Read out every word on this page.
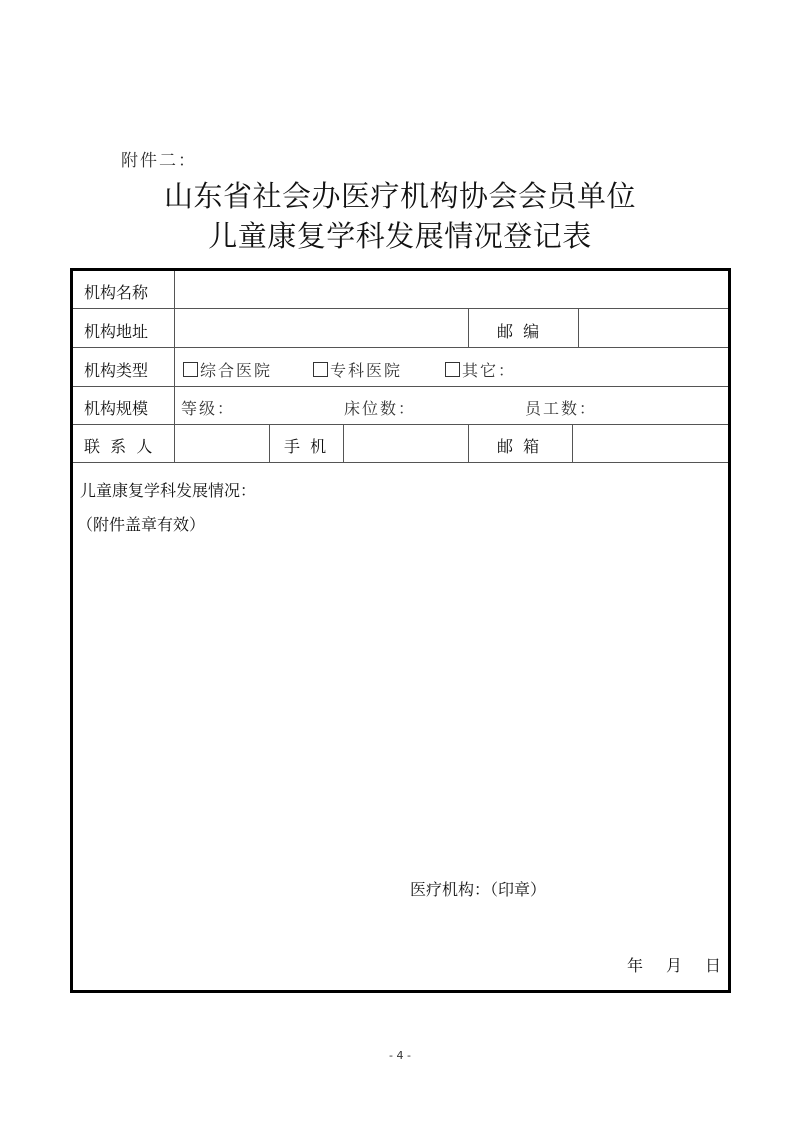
附件二：
山东省社会办医疗机构协会会员单位
儿童康复学科发展情况登记表
机构名称
机构地址	邮  编
机构类型	综合医院	专科医院	其它：
机构规模 等级：	床位数：	员工数：
联  系  人	手  机	邮  箱
儿童康复学科发展情况：
（附件盖章有效）
医疗机构：（印章）
年 月 日
- 4 -
